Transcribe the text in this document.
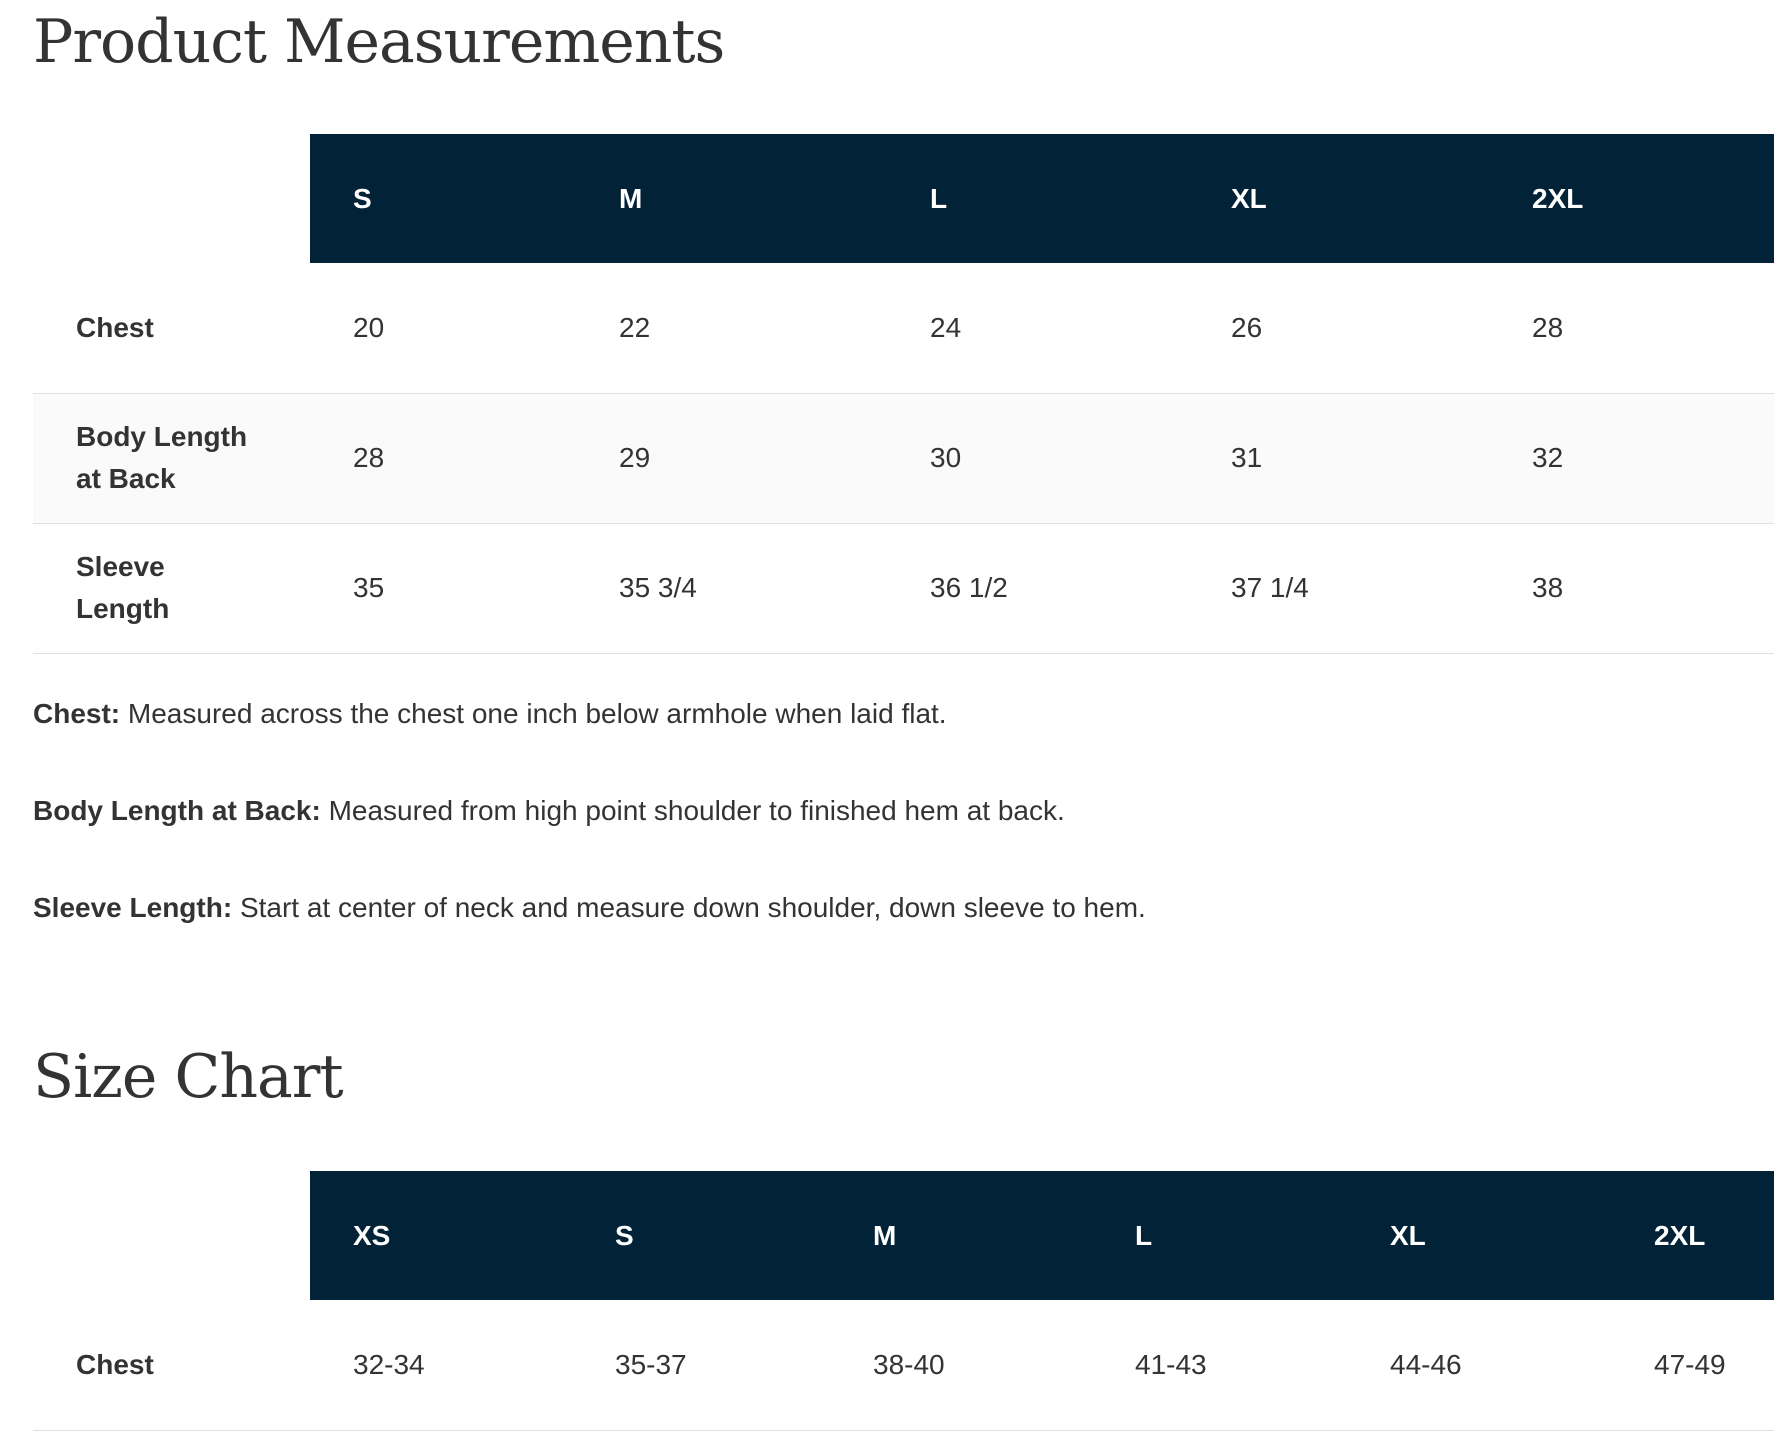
Product Measurements
	S	M	L	XL	2XL
Chest	20	22	24	26	28
Body Length at Back	28	29	30	31	32
Sleeve Length	35	35 3/4	36 1/2	37 1/4	38

Chest: Measured across the chest one inch below armhole when laid flat.

Body Length at Back: Measured from high point shoulder to finished hem at back.

Sleeve Length: Start at center of neck and measure down shoulder, down sleeve to hem.

Size Chart
	XS	S	M	L	XL	2XL
Chest	32-34	35-37	38-40	41-43	44-46	47-49
